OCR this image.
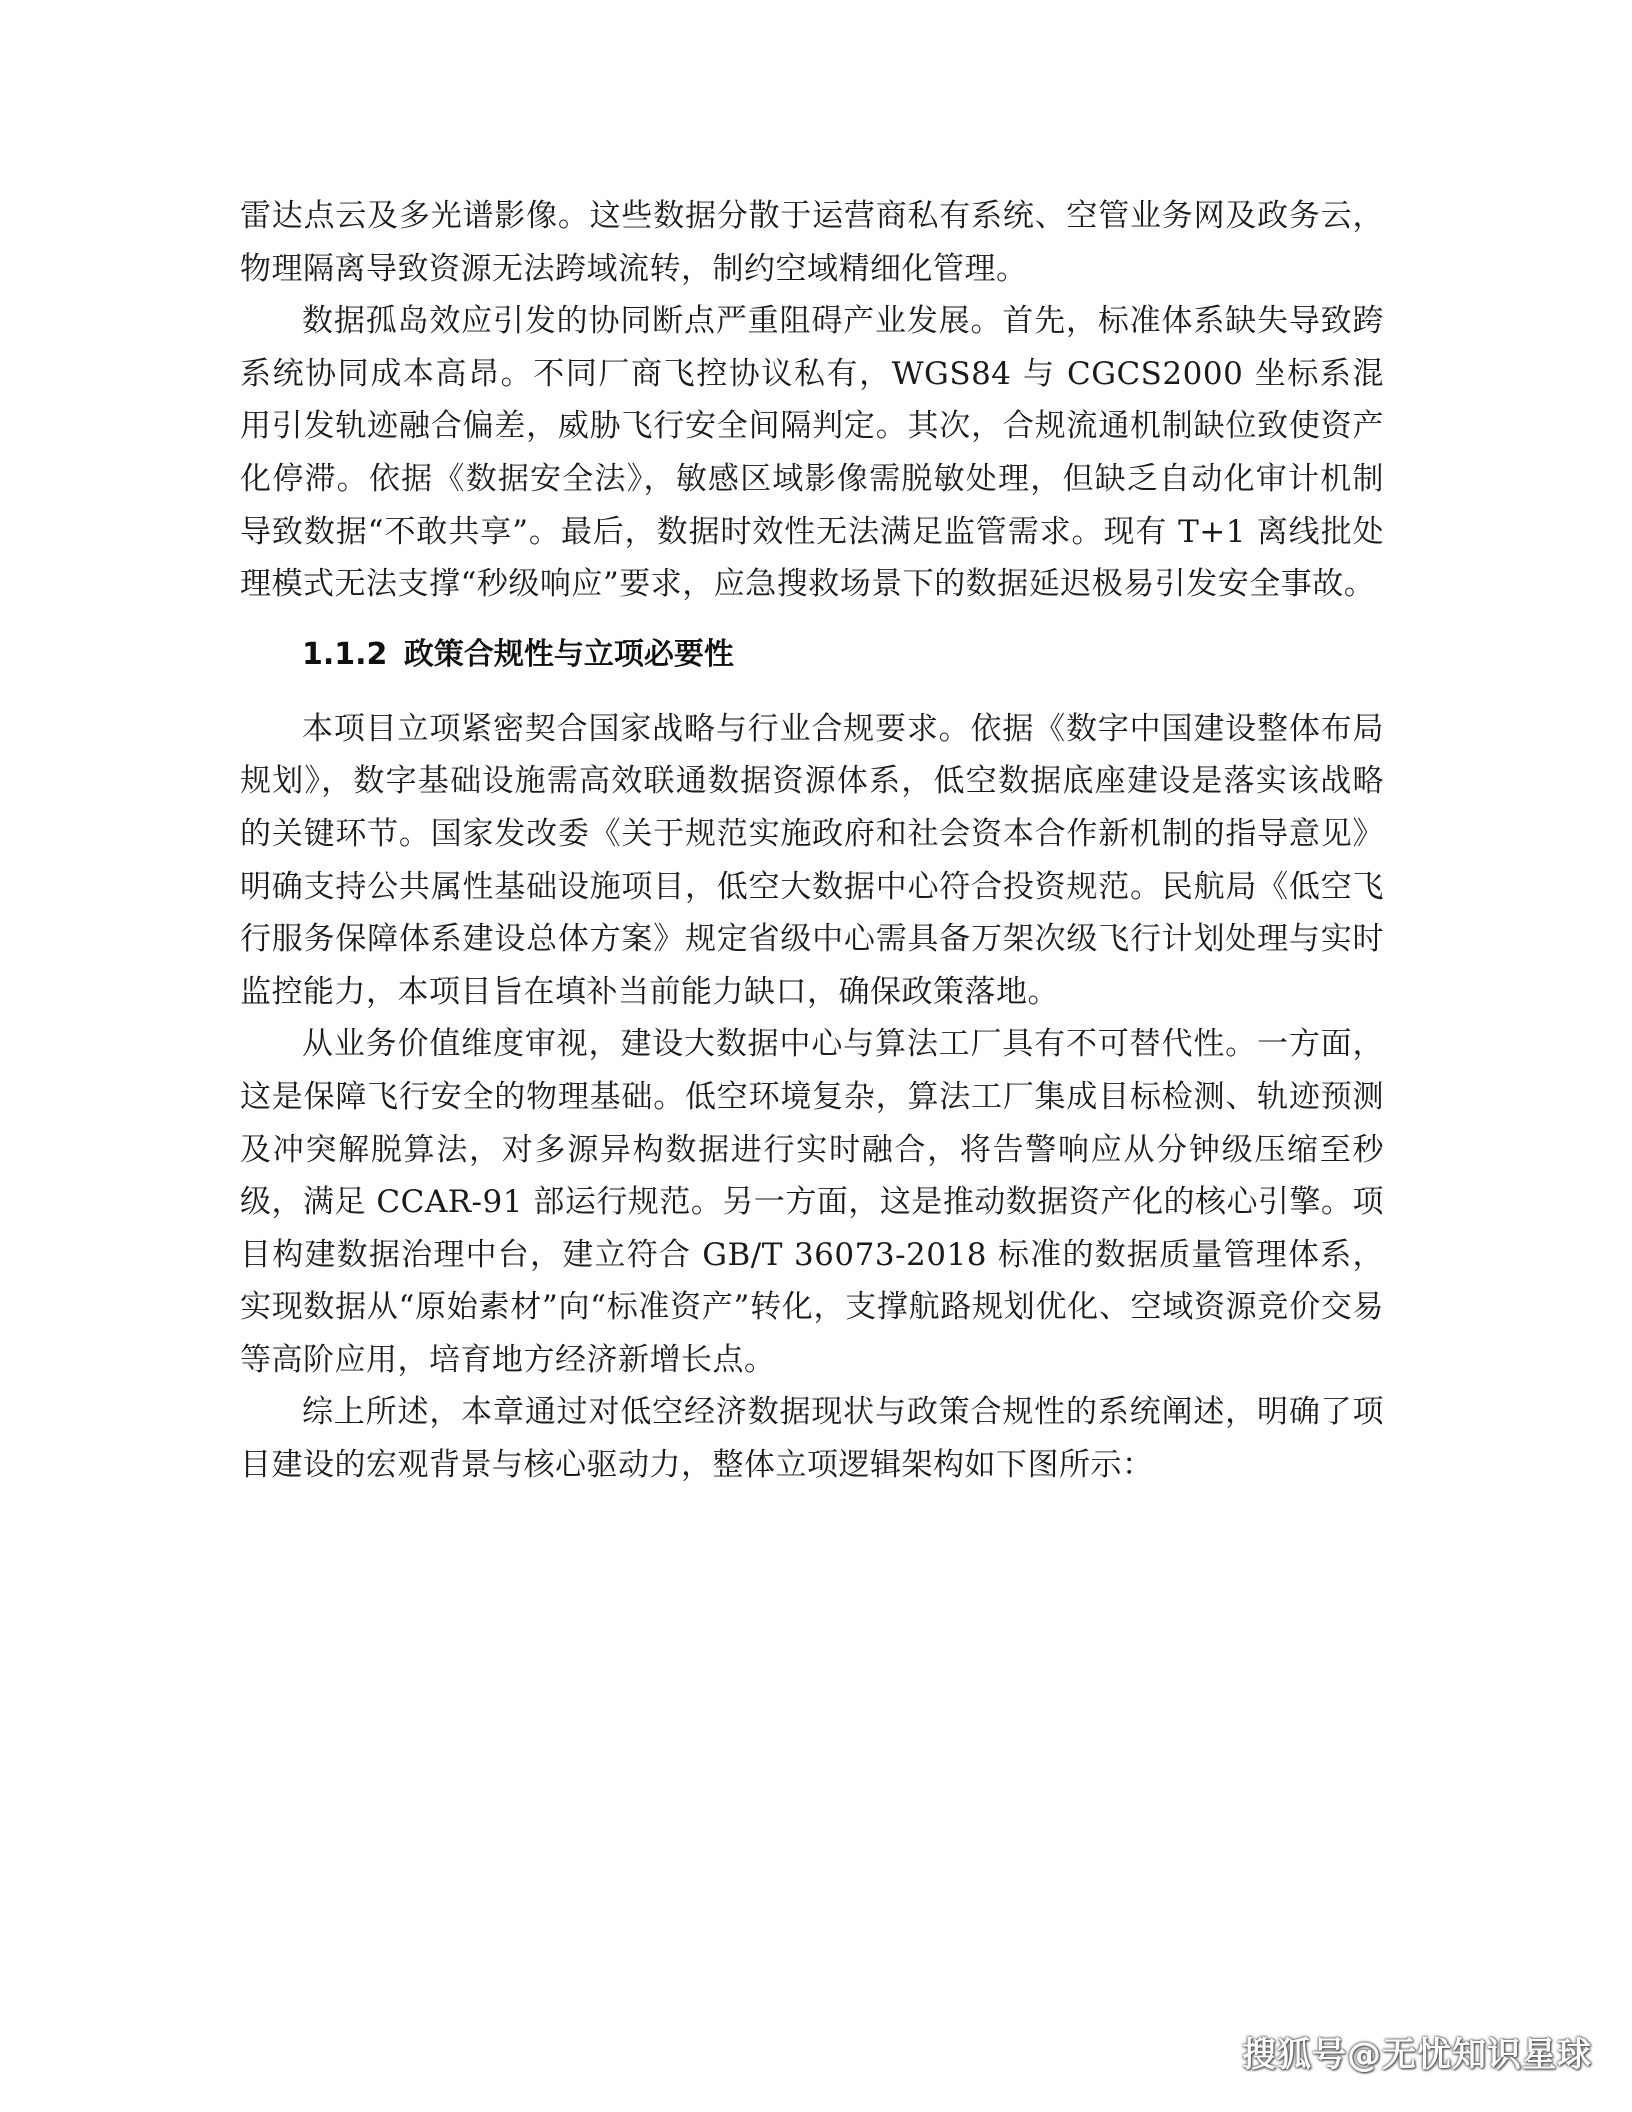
雷达点云及多光谱影像。这些数据分散于运营商私有系统、空管业务网及政务云，物理隔离导致资源无法跨域流转，制约空域精细化管理。

数据孤岛效应引发的协同断点严重阻碍产业发展。首先，标准体系缺失导致跨系统协同成本高昂。不同厂商飞控协议私有，WGS84 与 CGCS2000 坐标系混用引发轨迹融合偏差，威胁飞行安全间隔判定。其次，合规流通机制缺位致使资产化停滞。依据《数据安全法》，敏感区域影像需脱敏处理，但缺乏自动化审计机制导致数据“不敢共享”。最后，数据时效性无法满足监管需求。现有 T+1 离线批处理模式无法支撑“秒级响应”要求，应急搜救场景下的数据延迟极易引发安全事故。

1.1.2 政策合规性与立项必要性

本项目立项紧密契合国家战略与行业合规要求。依据《数字中国建设整体布局规划》，数字基础设施需高效联通数据资源体系，低空数据底座建设是落实该战略的关键环节。国家发改委《关于规范实施政府和社会资本合作新机制的指导意见》明确支持公共属性基础设施项目，低空大数据中心符合投资规范。民航局《低空飞行服务保障体系建设总体方案》规定省级中心需具备万架次级飞行计划处理与实时监控能力，本项目旨在填补当前能力缺口，确保政策落地。

从业务价值维度审视，建设大数据中心与算法工厂具有不可替代性。一方面，这是保障飞行安全的物理基础。低空环境复杂，算法工厂集成目标检测、轨迹预测及冲突解脱算法，对多源异构数据进行实时融合，将告警响应从分钟级压缩至秒级，满足 CCAR-91 部运行规范。另一方面，这是推动数据资产化的核心引擎。项目构建数据治理中台，建立符合 GB/T 36073-2018 标准的数据质量管理体系，实现数据从“原始素材”向“标准资产”转化，支撑航路规划优化、空域资源竞价交易等高阶应用，培育地方经济新增长点。

综上所述，本章通过对低空经济数据现状与政策合规性的系统阐述，明确了项目建设的宏观背景与核心驱动力，整体立项逻辑架构如下图所示：

搜狐号@无忧知识星球
